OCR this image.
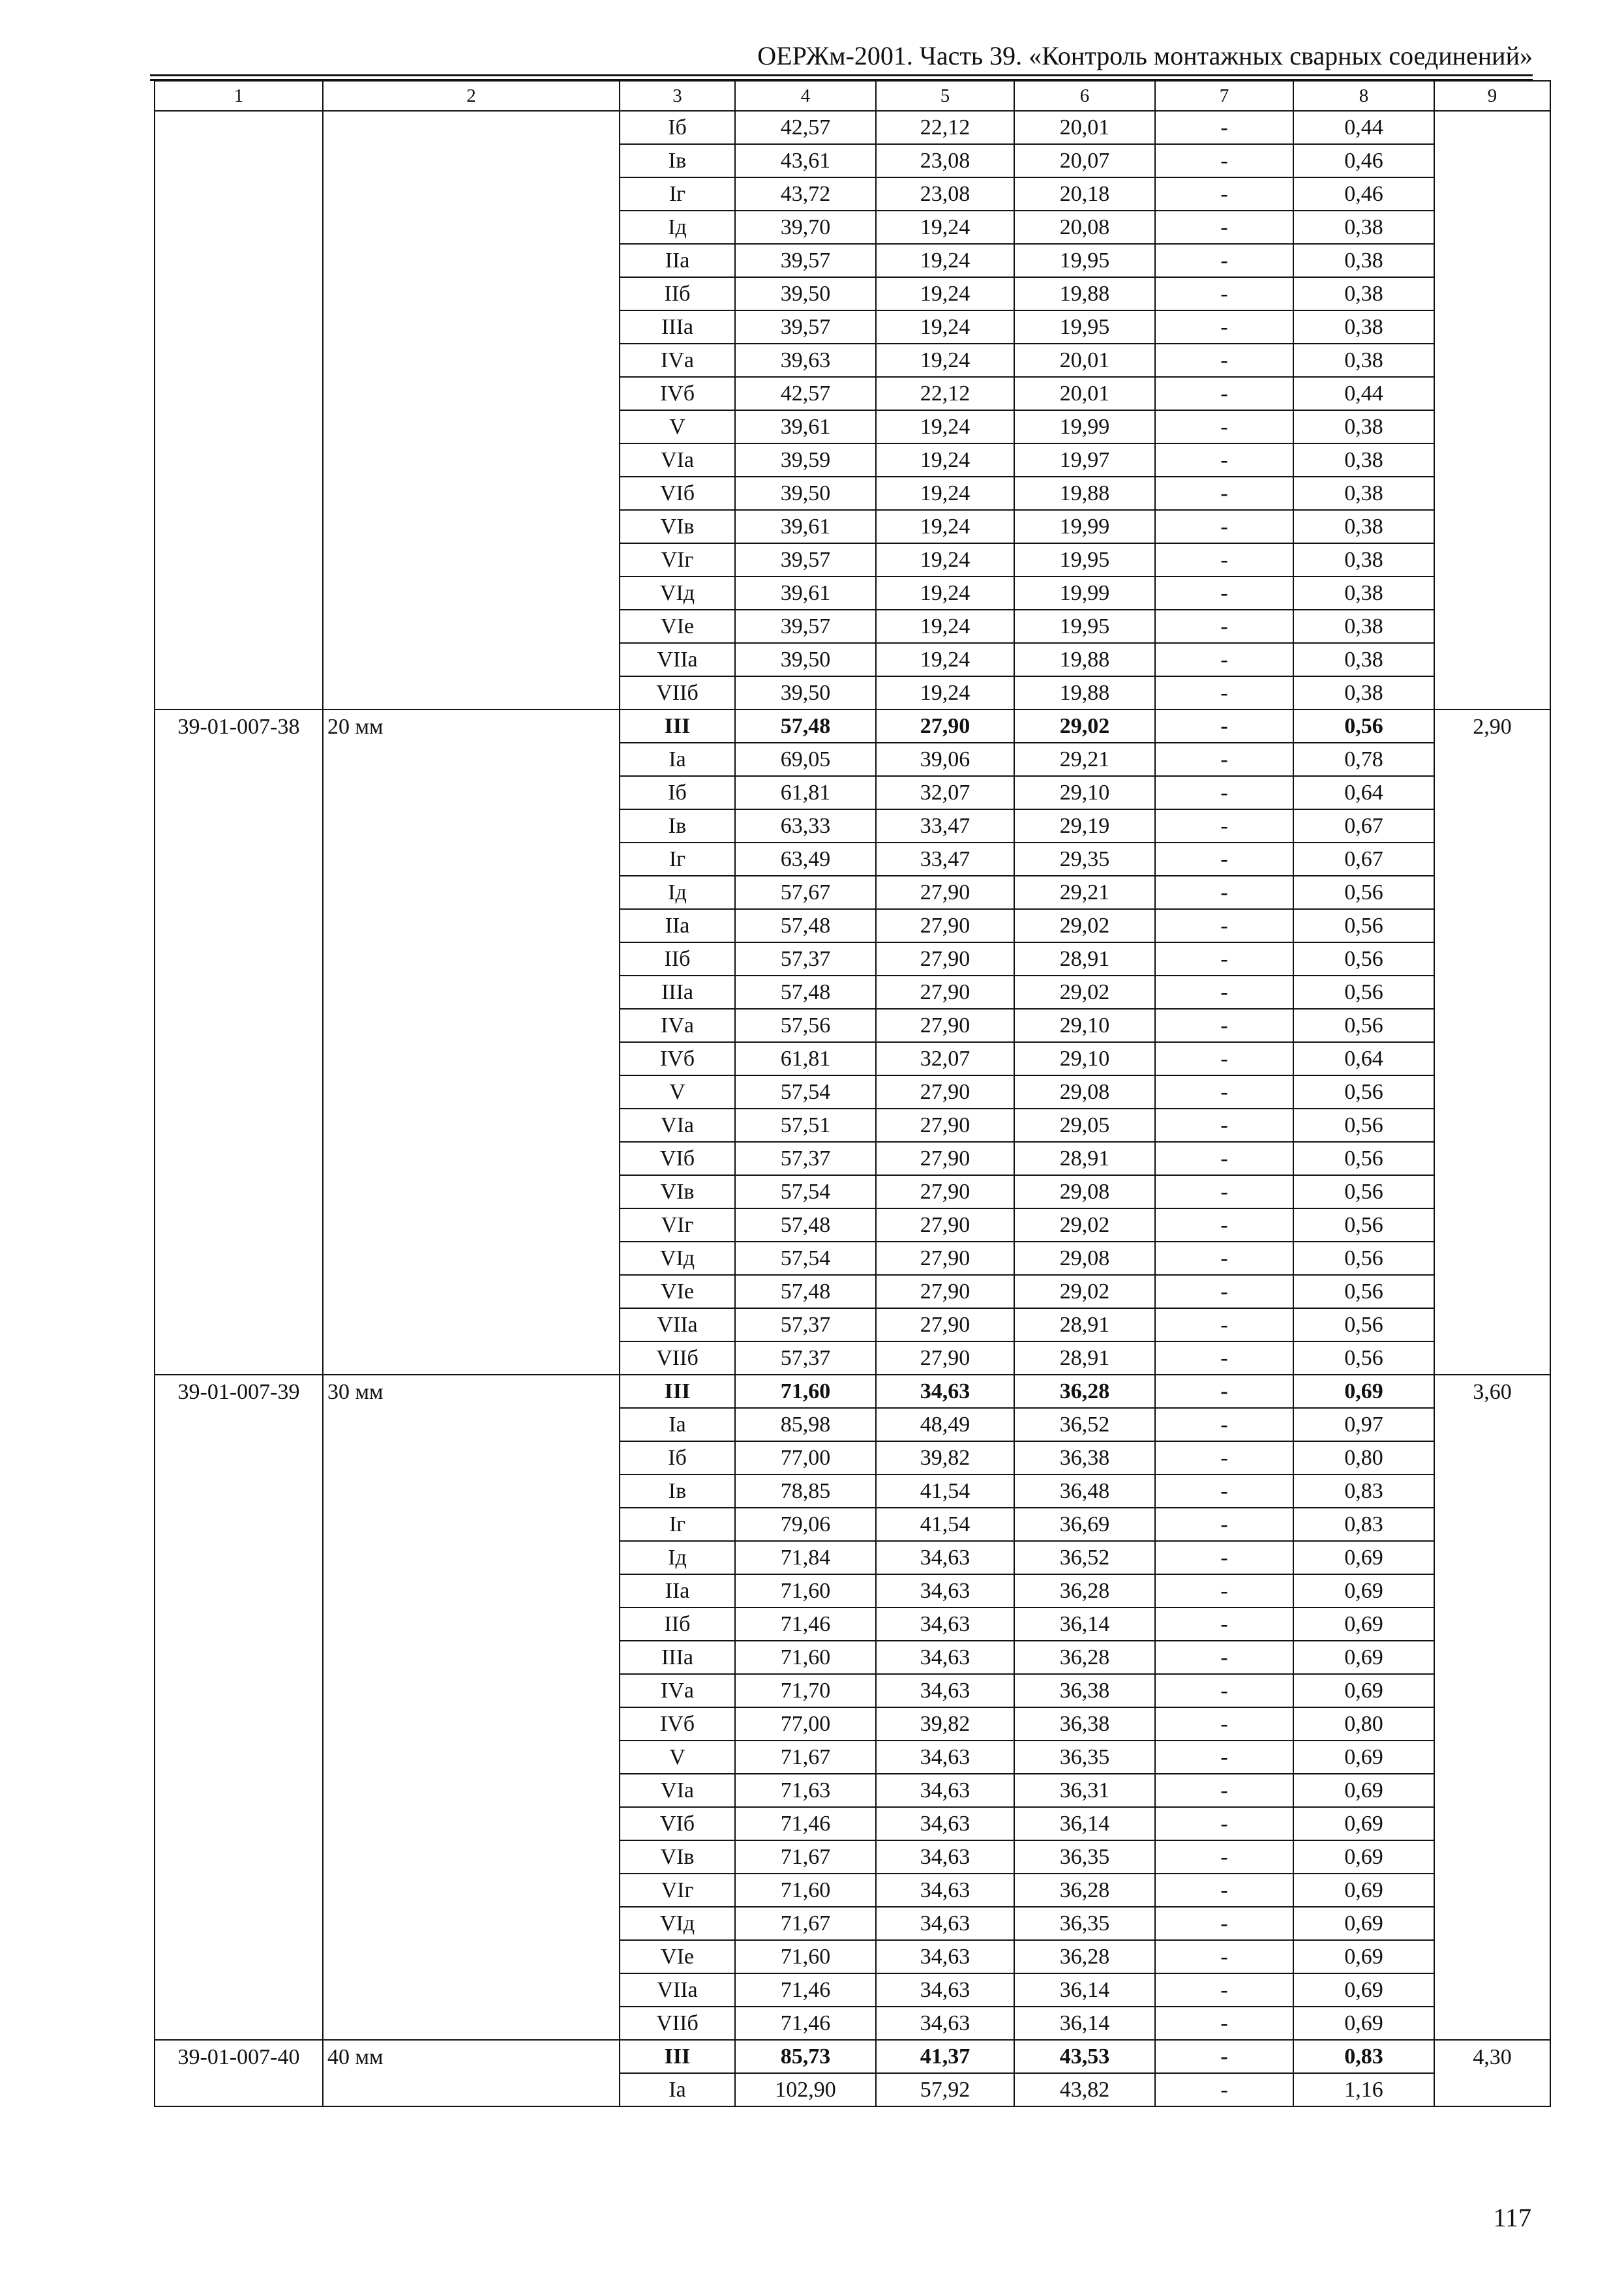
ОЕРЖм-2001. Часть 39. «Контроль монтажных сварных соединений»
1	2	3	4	5	6	7	8	9
		Iб	42,57	22,12	20,01	-	0,44	
		Iв	43,61	23,08	20,07	-	0,46	
		Iг	43,72	23,08	20,18	-	0,46	
		Iд	39,70	19,24	20,08	-	0,38	
		IIа	39,57	19,24	19,95	-	0,38	
		IIб	39,50	19,24	19,88	-	0,38	
		IIIа	39,57	19,24	19,95	-	0,38	
		IVа	39,63	19,24	20,01	-	0,38	
		IVб	42,57	22,12	20,01	-	0,44	
		V	39,61	19,24	19,99	-	0,38	
		VIа	39,59	19,24	19,97	-	0,38	
		VIб	39,50	19,24	19,88	-	0,38	
		VIв	39,61	19,24	19,99	-	0,38	
		VIг	39,57	19,24	19,95	-	0,38	
		VIд	39,61	19,24	19,99	-	0,38	
		VIе	39,57	19,24	19,95	-	0,38	
		VIIа	39,50	19,24	19,88	-	0,38	
		VIIб	39,50	19,24	19,88	-	0,38	
39-01-007-38	20 мм	III	57,48	27,90	29,02	-	0,56	2,90
		Iа	69,05	39,06	29,21	-	0,78	
		Iб	61,81	32,07	29,10	-	0,64	
		Iв	63,33	33,47	29,19	-	0,67	
		Iг	63,49	33,47	29,35	-	0,67	
		Iд	57,67	27,90	29,21	-	0,56	
		IIа	57,48	27,90	29,02	-	0,56	
		IIб	57,37	27,90	28,91	-	0,56	
		IIIа	57,48	27,90	29,02	-	0,56	
		IVа	57,56	27,90	29,10	-	0,56	
		IVб	61,81	32,07	29,10	-	0,64	
		V	57,54	27,90	29,08	-	0,56	
		VIа	57,51	27,90	29,05	-	0,56	
		VIб	57,37	27,90	28,91	-	0,56	
		VIв	57,54	27,90	29,08	-	0,56	
		VIг	57,48	27,90	29,02	-	0,56	
		VIд	57,54	27,90	29,08	-	0,56	
		VIе	57,48	27,90	29,02	-	0,56	
		VIIа	57,37	27,90	28,91	-	0,56	
		VIIб	57,37	27,90	28,91	-	0,56	
39-01-007-39	30 мм	III	71,60	34,63	36,28	-	0,69	3,60
		Iа	85,98	48,49	36,52	-	0,97	
		Iб	77,00	39,82	36,38	-	0,80	
		Iв	78,85	41,54	36,48	-	0,83	
		Iг	79,06	41,54	36,69	-	0,83	
		Iд	71,84	34,63	36,52	-	0,69	
		IIа	71,60	34,63	36,28	-	0,69	
		IIб	71,46	34,63	36,14	-	0,69	
		IIIа	71,60	34,63	36,28	-	0,69	
		IVа	71,70	34,63	36,38	-	0,69	
		IVб	77,00	39,82	36,38	-	0,80	
		V	71,67	34,63	36,35	-	0,69	
		VIа	71,63	34,63	36,31	-	0,69	
		VIб	71,46	34,63	36,14	-	0,69	
		VIв	71,67	34,63	36,35	-	0,69	
		VIг	71,60	34,63	36,28	-	0,69	
		VIд	71,67	34,63	36,35	-	0,69	
		VIе	71,60	34,63	36,28	-	0,69	
		VIIа	71,46	34,63	36,14	-	0,69	
		VIIб	71,46	34,63	36,14	-	0,69	
39-01-007-40	40 мм	III	85,73	41,37	43,53	-	0,83	4,30
		Iа	102,90	57,92	43,82	-	1,16	
117
